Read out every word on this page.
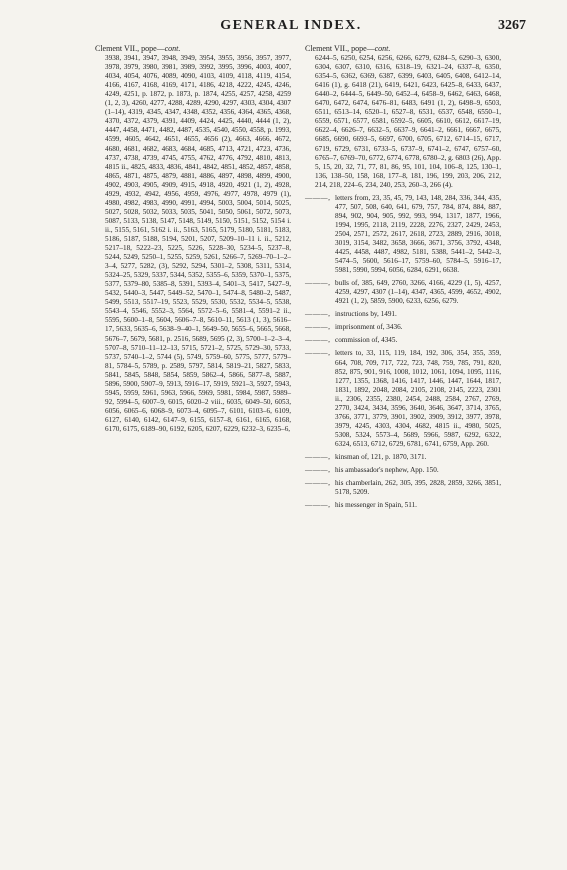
GENERAL INDEX.	3267
Clement VII., pope—cont.
3938, 3941, 3947, 3948, 3949, 3954, 3955, 3956, 3957, 3977, 3978, 3979, 3980, 3981, 3989, 3992, 3995, 3996, 4003, 4007, 4034, 4054, 4076, 4089, 4090, 4103, 4109, 4118, 4119, 4154, 4166, 4167, 4168, 4169, 4171, 4186, 4218, 4222, 4245, 4246, 4249, 4251, p. 1872, p. 1873, p. 1874, 4255, 4257, 4258, 4259 (1, 2, 3), 4260, 4277, 4288, 4289, 4290, 4297, 4303, 4304, 4307 (1–14), 4319, 4345, 4347, 4348, 4352, 4356, 4364, 4365, 4368, 4370, 4372, 4379, 4391, 4409, 4424, 4425, 4440, 4444 (1, 2), 4447, 4458, 4471, 4482, 4487, 4535, 4540, 4550, 4558, p. 1993, 4599, 4605, 4642, 4651, 4655, 4656 (2), 4663, 4666, 4672, 4680, 4681, 4682, 4683, 4684, 4685, 4713, 4721, 4723, 4736, 4737, 4738, 4739, 4745, 4755, 4762, 4776, 4792, 4810, 4813, 4815 ii., 4825, 4833, 4836, 4841, 4842, 4851, 4852, 4857, 4858, 4865, 4871, 4875, 4879, 4881, 4886, 4897, 4898, 4899, 4900, 4902, 4903, 4905, 4909, 4915, 4918, 4920, 4921 (1, 2), 4928, 4929, 4932, 4942, 4956, 4959, 4976, 4977, 4978, 4979 (1), 4980, 4982, 4983, 4990, 4991, 4994, 5003, 5004, 5014, 5025, 5027, 5028, 5032, 5033, 5035, 5041, 5050, 5061, 5072, 5073, 5087, 5133, 5138, 5147, 5148, 5149, 5150, 5151, 5152, 5154 i. ii., 5155, 5161, 5162 i. ii., 5163, 5165, 5179, 5180, 5181, 5183, 5186, 5187, 5188, 5194, 5201, 5207, 5209–10–11 i. ii., 5212, 5217–18, 5222–23, 5225, 5226, 5228–30, 5234–5, 5237–8, 5244, 5249, 5250–1, 5255, 5259, 5261, 5266–7, 5269–70–1–2–3–4, 5277, 5282, (3), 5292, 5294, 5301–2, 5308, 5311, 5314, 5324–25, 5329, 5337, 5344, 5352, 5355–6, 5359, 5370–1, 5375, 5377, 5379–80, 5385–8, 5391, 5393–4, 5401–3, 5417, 5427–9, 5432, 5440–3, 5447, 5449–52, 5470–1, 5474–8, 5480–2, 5487, 5499, 5513, 5517–19, 5523, 5529, 5530, 5532, 5534–5, 5538, 5543–4, 5546, 5552–3, 5564, 5572–5–6, 5581–4, 5591–2 ii., 5595, 5600–1–8, 5604, 5606–7–8, 5610–11, 5613 (1, 3), 5616–17, 5633, 5635–6, 5638–9–40–1, 5649–50, 5655–6, 5665, 5668, 5676–7, 5679, 5681, p. 2516, 5689, 5695 (2, 3), 5700–1–2–3–4, 5707–8, 5710–11–12–13, 5715, 5721–2, 5725, 5729–30, 5733, 5737, 5740–1–2, 5744 (5), 5749, 5759–60, 5775, 5777, 5779–81, 5784–5, 5789, p. 2589, 5797, 5814, 5819–21, 5827, 5833, 5841, 5845, 5848, 5854, 5859, 5862–4, 5866, 5877–8, 5887, 5896, 5900, 5907–9, 5913, 5916–17, 5919, 5921–3, 5927, 5943, 5945, 5959, 5961, 5963, 5966, 5969, 5981, 5984, 5987, 5989–92, 5994–5, 6007–9, 6015, 6020–2 viii., 6035, 6049–50, 6053, 6056, 6065–6, 6068–9, 6073–4, 6095–7, 6101, 6103–6, 6109, 6127, 6140, 6142, 6147–9, 6155, 6157–8, 6161, 6165, 6168, 6170, 6175, 6189–90, 6192, 6205, 6207, 6229, 6232–3, 6235–6,
Clement VII., pope—cont.
6244–5, 6250, 6254, 6256, 6266, 6279, 6284–5, 6290–3, 6300, 6304, 6307, 6310, 6316, 6318–19, 6321–24, 6337–8, 6350, 6354–5, 6362, 6369, 6387, 6399, 6403, 6405, 6408, 6412–14, 6416 (1), g. 6418 (21), 6419, 6421, 6423, 6425–8, 6433, 6437, 6440–2, 6444–5, 6449–50, 6452–4, 6458–9, 6462, 6463, 6468, 6470, 6472, 6474, 6476–81, 6483, 6491 (1, 2), 6498–9, 6503, 6511, 6513–14, 6520–1, 6527–8, 6531, 6537, 6548, 6550–1, 6559, 6571, 6577, 6581, 6592–5, 6605, 6610, 6612, 6617–19, 6622–4, 6626–7, 6632–5, 6637–9, 6641–2, 6661, 6667, 6675, 6685, 6690, 6693–5, 6697, 6700, 6705, 6712, 6714–15, 6717, 6719, 6729, 6731, 6733–5, 6737–9, 6741–2, 6747, 6757–60, 6765–7, 6769–70, 6772, 6774, 6778, 6780–2, g. 6803 (26), App. 5, 15, 20, 32, 71, 77, 81, 86, 95, 101, 104, 106–8, 125, 130–1, 136, 138–50, 158, 168, 177–8, 181, 196, 199, 203, 206, 212, 214, 218, 224–6, 234, 240, 253, 260–3, 266 (4).
———, letters from, 23, 35, 45, 79, 143, 148, 284, 336, 344, 435, 477, 507, 508, 640, 641, 679, 757, 784, 874, 884, 887, 894, 902, 904, 905, 992, 993, 994, 1317, 1877, 1966, 1994, 1995, 2118, 2119, 2228, 2276, 2327, 2429, 2453, 2504, 2571, 2572, 2617, 2618, 2723, 2889, 2916, 3018, 3019, 3154, 3482, 3658, 3666, 3671, 3756, 3792, 4348, 4425, 4458, 4487, 4982, 5181, 5388, 5441–2, 5442–3, 5474–5, 5600, 5616–17, 5759–60, 5784–5, 5916–17, 5981, 5990, 5994, 6056, 6284, 6291, 6638.
———, bulls of, 385, 649, 2760, 3266, 4166, 4229 (1, 5), 4257, 4259, 4297, 4307 (1–14), 4347, 4365, 4599, 4652, 4902, 4921 (1, 2), 5859, 5900, 6233, 6256, 6279.
———, instructions by, 1491.
———, imprisonment of, 3436.
———, commission of, 4345.
———, letters to, 33, 115, 119, 184, 192, 306, 354, 355, 359, 664, 708, 709, 717, 722, 723, 748, 759, 785, 791, 820, 852, 875, 901, 916, 1008, 1012, 1061, 1094, 1095, 1116, 1277, 1355, 1368, 1416, 1417, 1446, 1447, 1644, 1817, 1831, 1892, 2048, 2084, 2105, 2108, 2145, 2223, 2301 ii., 2306, 2355, 2380, 2454, 2488, 2584, 2767, 2769, 2770, 3424, 3434, 3596, 3640, 3646, 3647, 3714, 3765, 3766, 3771, 3779, 3901, 3902, 3909, 3912, 3977, 3978, 3979, 4245, 4303, 4304, 4682, 4815 ii., 4980, 5025, 5308, 5324, 5573–4, 5689, 5966, 5987, 6292, 6322, 6324, 6513, 6712, 6729, 6781, 6741, 6759, App. 260.
———, kinsman of, 121, p. 1870, 3171.
———, his ambassador's nephew, App. 150.
———, his chamberlain, 262, 305, 395, 2828, 2859, 3266, 3851, 5178, 5209.
———, his messenger in Spain, 511.
